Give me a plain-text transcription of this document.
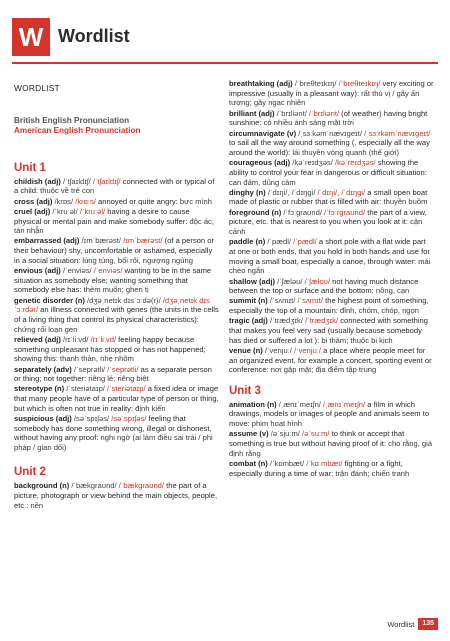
W Wordlist
WORDLIST
British English Pronunciation
American English Pronunciation
Unit 1

childish (adj) /ˈtʃaɪldɪʃ/ /ˈtʃaɪldɪʃ/ connected with or typical of a child: thuộc về trẻ con

cross (adj) /krɒs/ /krɑːs/ annoyed or quite angry: bực mình

cruel (adj) /ˈkruːəl/ /ˈkruːəl/ having a desire to cause physical or mental pain and make somebody suffer: độc ác, tàn nhẫn

embarrassed (adj) /ɪmˈbærəst/ /ɪmˈbærəst/ (of a person or their behaviour) shy, uncomfortable or ashamed, especially in a social situation: lúng túng, bối rối, ngượng ngùng

envious (adj) /ˈenviəs/ /ˈenviəs/ wanting to be in the same situation as somebody else; wanting something that somebody else has: thèm muốn; ghen tị

genetic disorder (n) /dʒəˌnetɪk dɪsˈɔːdə(r)/ /dʒəˌnetɪk dɪsˈɔːrdər/ an illness connected with genes (the units in the cells of a living thing that control its physical characteristics): chứng rối loạn gen

relieved (adj) /rɪˈliːvd/ /rɪˈliːvd/ feeling happy because something unpleasant has stopped or has not happened; showing this: thanh thản, nhẹ nhõm

separately (adv) /ˈseprətli/ /ˈseprətli/ as a separate person or thing; not together: riêng lẻ; riêng biệt

stereotype (n) /ˈsteriətaɪp/ /ˈsteriətaɪp/ a fixed idea or image that many people have of a particular type of person or thing, but which is often not true in reality: định kiến

suspicious (adj) /səˈspɪʃəs/ /səˈspɪʃəs/ feeling that somebody has done something wrong, illegal or dishonest, without having any proof: nghi ngờ (ai làm điều sai trái / phi pháp / gian dối)

Unit 2

background (n) /ˈbækɡraʊnd/ /ˈbækɡraʊnd/ the part of a picture, photograph or view behind the main objects, people, etc.: nền

breathtaking (adj) /ˈbreθteɪkɪŋ/ /ˈbreθteɪkɪŋ/ very exciting or impressive (usually in a pleasant way): rất thú vị / gây ấn tượng; gây ngạc nhiên

brilliant (adj) /ˈbrɪliənt/ /ˈbrɪliənt/ (of weather) having bright sunshine: có nhiều ánh sáng mặt trời

circumnavigate (v) /ˌsɜːkəmˈnævɪɡeɪt/ /ˌsɜːrkəmˈnævɪɡeɪt/ to sail all the way around something (, especially all the way around the world): lái thuyền vòng quanh (thế giới)

courageous (adj) /kəˈreɪdʒəs/ /kəˈreɪdʒəs/ showing the ability to control your fear in dangerous or difficult situation: can đảm, dũng cảm

dinghy (n) /ˈdɪŋi/, /ˈdɪŋɡi/ /ˈdɪŋi/, /ˈdɪŋɡi/ a small open boat made of plastic or rubber that is filled with air: thuyền buồm

foreground (n) /ˈfɔːɡraʊnd/ /ˈfɔːrɡraʊnd/ the part of a view, picture, etc. that is nearest to you when you look at it: cận cảnh

paddle (n) /ˈpædl/ /ˈpædl/ a short pole with a flat wide part at one or both ends, that you hold in both hands and use for moving a small boat, especially a canoe, through water: mái chèo ngắn

shallow (adj) /ˈʃæləʊ/ /ˈʃæloʊ/ not having much distance between the top or surface and the bottom: nông, cạn

summit (n) /ˈsʌmɪt/ /ˈsʌmɪt/ the highest point of something, especially the top of a mountain: đỉnh, chóm, chóp, ngọn

tragic (adj) /ˈtrædʒɪk/ /ˈtrædʒɪk/ connected with something that makes you feel very sad (usually because somebody has died or suffered a lot ): bi thảm; thuộc bi kịch

venue (n) /ˈvenjuː/ /ˈvenjuː/ a place where people meet for an organized event, for example a concert, sporting event or conference: nơi gặp mặt; địa điểm tập trung

Unit 3

animation (n) /ˌænɪˈmeɪʃn/ /ˌænɪˈmeɪʃn/ a film in which drawings, models or images of people and animals seem to move: phim hoạt hình

assume (v) /əˈsjuːm/ /əˈsuːm/ to think or accept that something is true but without having proof of it: cho rằng, giả định rằng

combat (n) /ˈkɒmbæt/ /ˈkɑːmbæt/ fighting or a fight, especially during a time of war: trận đánh; chiến tranh

Wordlist	135
